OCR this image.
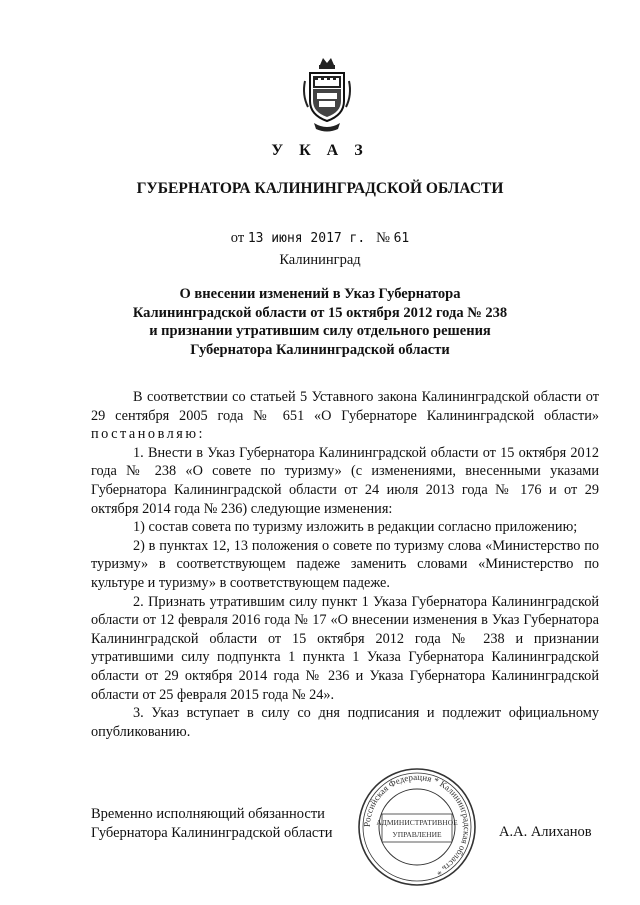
У К А З
ГУБЕРНАТОРА КАЛИНИНГРАДСКОЙ ОБЛАСТИ
от 13 июня 2017 г. № 61
Калининград
О внесении изменений в Указ Губернатора
Калининградской области от 15 октября 2012 года № 238
и признании утратившим силу отдельного решения
Губернатора Калининградской области

В соответствии со статьей 5 Уставного закона Калининградской области от 29 сентября 2005 года № 651 «О Губернаторе Калининградской области» постановляю:

1. Внести в Указ Губернатора Калининградской области от 15 октября 2012 года № 238 «О совете по туризму» (с изменениями, внесенными указами Губернатора Калининградской области от 24 июля 2013 года № 176 и от 29 октября 2014 года № 236) следующие изменения:

1) состав совета по туризму изложить в редакции согласно приложению;

2) в пунктах 12, 13 положения о совете по туризму слова «Министерство по туризму» в соответствующем падеже заменить словами «Министерство по культуре и туризму» в соответствующем падеже.

2. Признать утратившим силу пункт 1 Указа Губернатора Калининградской области от 12 февраля 2016 года № 17 «О внесении изменения в Указ Губернатора Калининградской области от 15 октября 2012 года № 238 и признании утратившими силу подпункта 1 пункта 1 Указа Губернатора Калининградской области от 29 октября 2014 года № 236 и Указа Губернатора Калининградской области от 25 февраля 2015 года № 24».

3. Указ вступает в силу со дня подписания и подлежит официальному опубликованию.

Временно исполняющий обязанности
Губернатора Калининградской области
Российская Федерация * Калининградская область *
АДМИНИСТРАТИВНОЕ
УПРАВЛЕНИЕ	А.А. Алиханов
